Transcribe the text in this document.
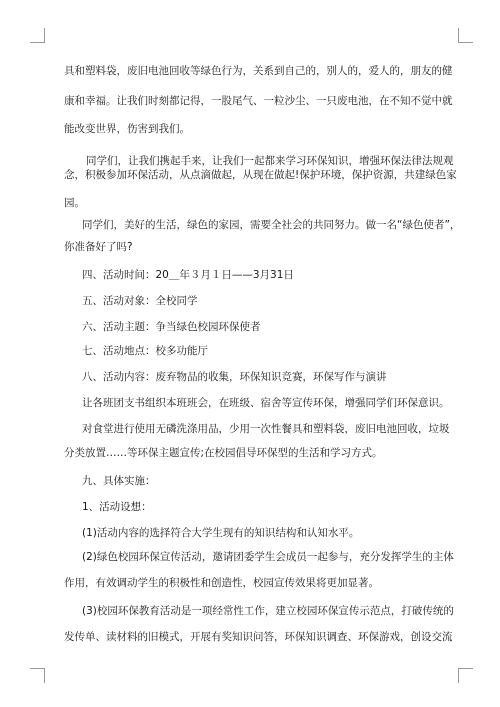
具和塑料袋，废旧电池回收等绿色行为，关系到自己的，别人的，爱人的，朋友的健

康和幸福。让我们时刻都记得，一股尾气、一粒沙尘、一只废电池，在不知不觉中就

能改变世界，伤害到我们。

同学们，让我们携起手来，让我们一起都来学习环保知识，增强环保法律法规观

念，积极参加环保活动，从点滴做起，从现在做起!保护环境，保护资源，共建绿色家

园。

同学们，美好的生活，绿色的家园，需要全社会的共同努力。做一名“绿色使者”，

你准备好了吗?

四、活动时间：20＿年３月１日——3月31日

五、活动对象：全校同学

六、活动主题：争当绿色校园环保使者

七、活动地点：校多功能厅

八、活动内容：废弃物品的收集，环保知识竞赛，环保写作与演讲

让各班团支书组织本班班会，在班级、宿舍等宣传环保，增强同学们环保意识。

对食堂进行使用无磷洗涤用品，少用一次性餐具和塑料袋，废旧电池回收，垃圾

分类放置……等环保主题宣传;在校园倡导环保型的生活和学习方式。

九、具体实施：

1、活动设想：

(1)活动内容的选择符合大学生现有的知识结构和认知水平。

(2)绿色校园环保宣传活动，邀请团委学生会成员一起参与，充分发挥学生的主体

作用，有效调动学生的积极性和创造性，校园宣传效果将更加显著。

(3)校园环保教育活动是一项经常性工作，建立校园环保宣传示范点，打破传统的

发传单、读材料的旧模式，开展有奖知识问答，环保知识调查、环保游戏，创设交流
